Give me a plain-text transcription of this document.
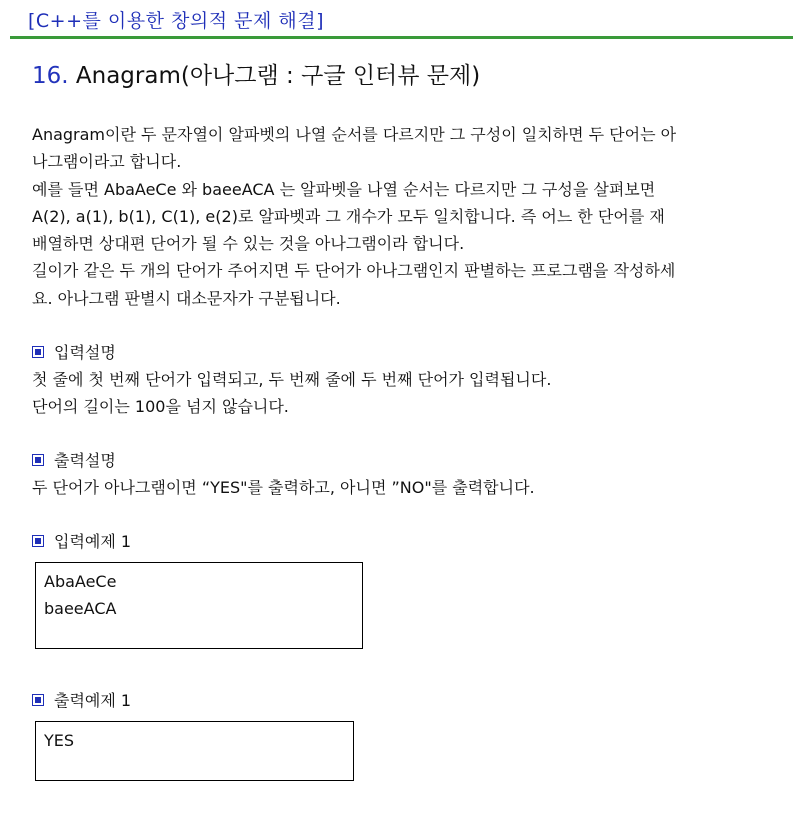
[C++를 이용한 창의적 문제 해결]
16. Anagram(아나그램 : 구글 인터뷰 문제)
Anagram이란 두 문자열이 알파벳의 나열 순서를 다르지만 그 구성이 일치하면 두 단어는 아
나그램이라고 합니다.
예를 들면 AbaAeCe 와 baeeACA 는 알파벳을 나열 순서는 다르지만 그 구성을 살펴보면
A(2), a(1), b(1), C(1), e(2)로 알파벳과 그 개수가 모두 일치합니다. 즉 어느 한 단어를 재
배열하면 상대편 단어가 될 수 있는 것을 아나그램이라 합니다.
길이가 같은 두 개의 단어가 주어지면 두 단어가 아나그램인지 판별하는 프로그램을 작성하세
요. 아나그램 판별시 대소문자가 구분됩니다.
입력설명
첫 줄에 첫 번째 단어가 입력되고, 두 번째 줄에 두 번째 단어가 입력됩니다.
단어의 길이는 100을 넘지 않습니다.
출력설명
두 단어가 아나그램이면 “YES"를 출력하고, 아니면 ”NO"를 출력합니다.
입력예제 1
AbaAeCe
baeeACA
출력예제 1
YES
